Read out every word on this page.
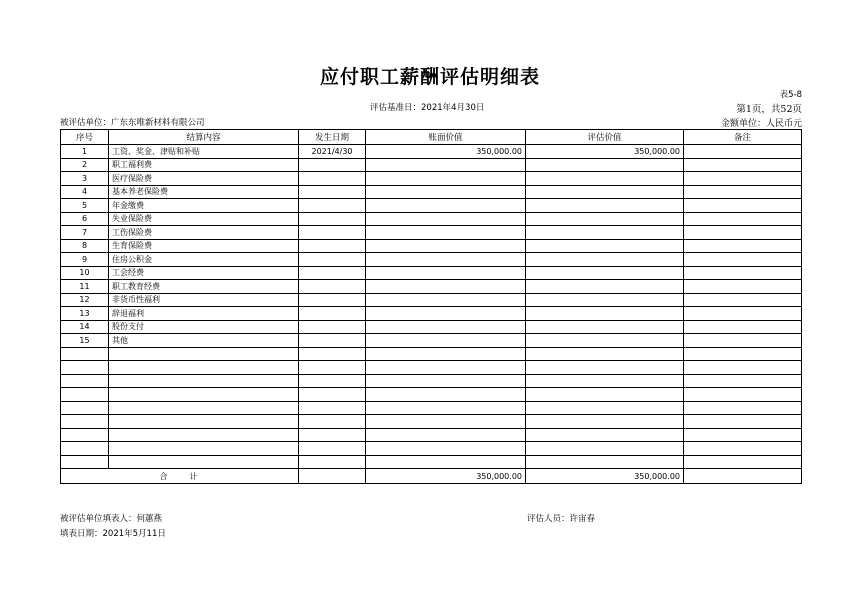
应付职工薪酬评估明细表
表5-8
评估基准日：2021年4月30日	第1页，共52页
被评估单位：广东东唯新材料有限公司	金额单位：人民币元
序号	结算内容	发生日期	账面价值	评估价值	备注
1	工资、奖金、津贴和补贴	2021/4/30	350,000.00	350,000.00	
2	职工福利费				
3	医疗保险费				
4	基本养老保险费				
5	年金缴费				
6	失业保险费				
7	工伤保险费				
8	生育保险费				
9	住房公积金				
10	工会经费				
11	职工教育经费				
12	非货币性福利				
13	辞退福利				
14	股份支付				
15	其他				

合　　计			350,000.00	350,000.00	
被评估单位填表人：何蕙燕	评估人员：许宙春
填表日期：2021年5月11日
